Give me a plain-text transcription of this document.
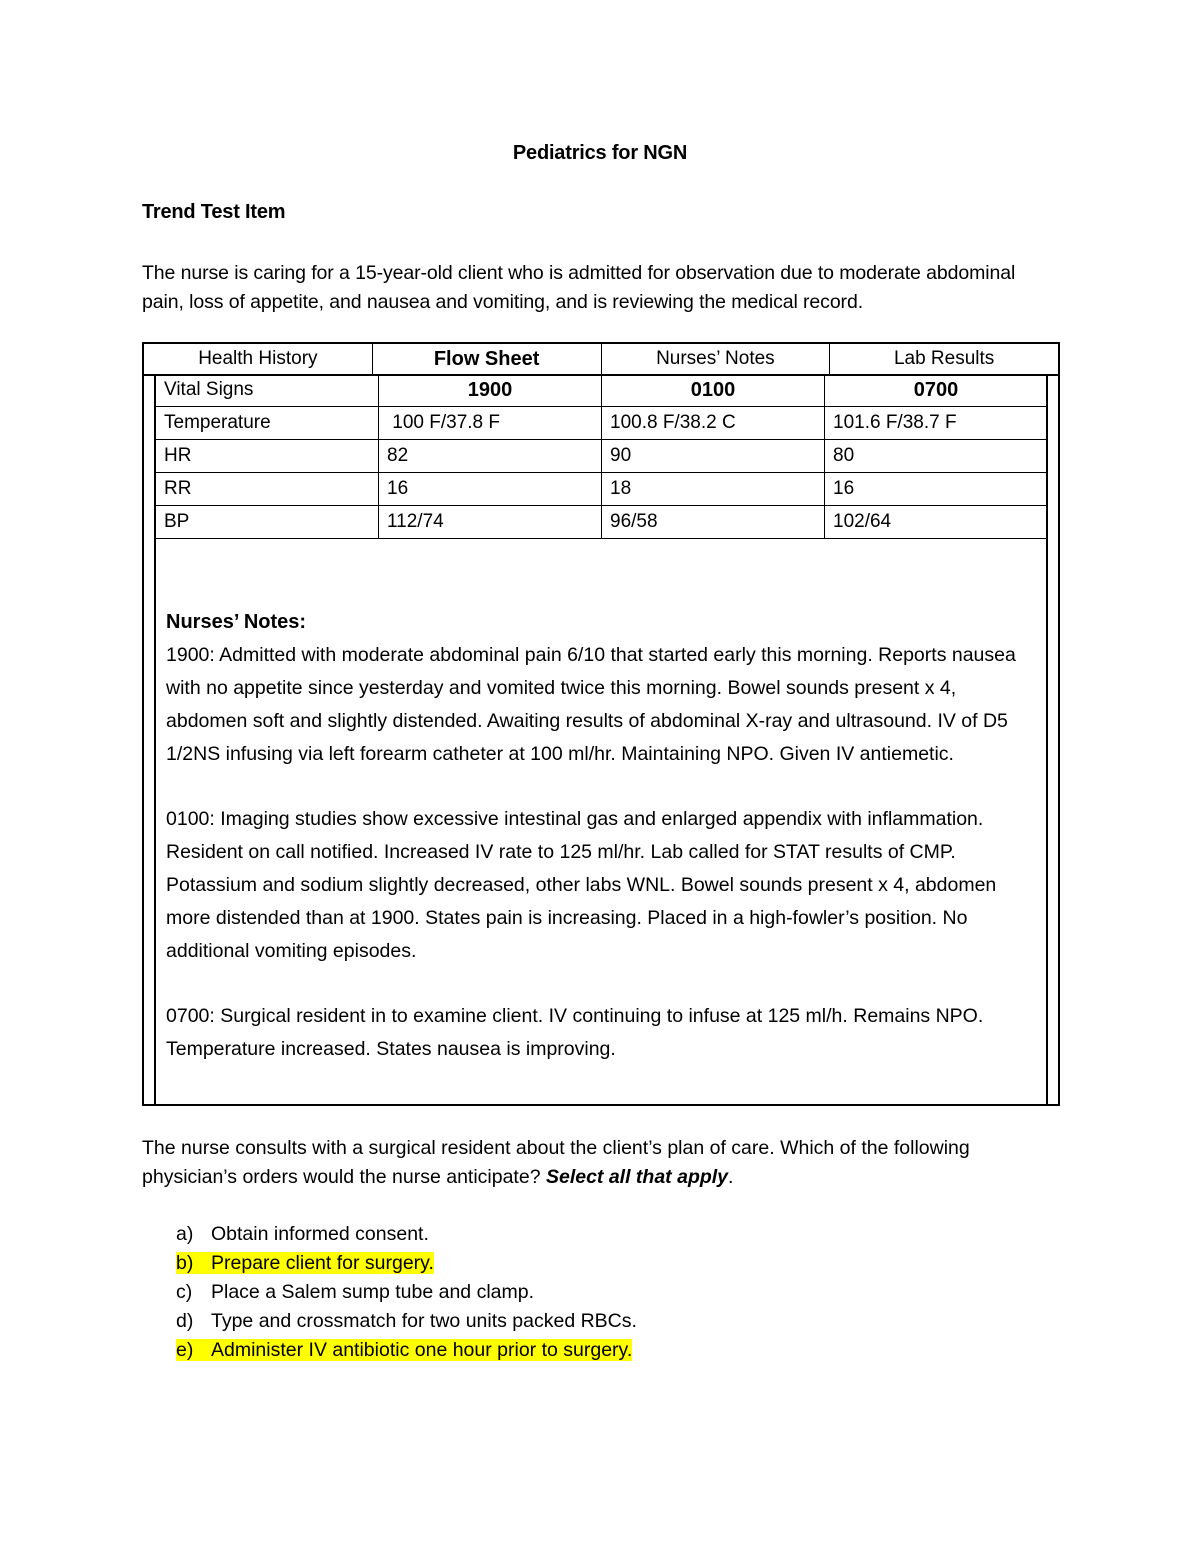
Pediatrics for NGN
Trend Test Item
The nurse is caring for a 15-year-old client who is admitted for observation due to moderate abdominal pain, loss of appetite, and nausea and vomiting, and is reviewing the medical record.
Health History	Flow Sheet	Nurses’ Notes	Lab Results
Vital Signs	1900	0100	0700
Temperature	100 F/37.8 F	100.8 F/38.2 C	101.6 F/38.7 F
HR	82	90	80
RR	16	18	16
BP	112/74	96/58	102/64
Nurses’ Notes:

1900: Admitted with moderate abdominal pain 6/10 that started early this morning. Reports nausea with no appetite since yesterday and vomited twice this morning. Bowel sounds present x 4, abdomen soft and slightly distended. Awaiting results of abdominal X-ray and ultrasound. IV of D5 1/2NS infusing via left forearm catheter at 100 ml/hr. Maintaining NPO. Given IV antiemetic.

0100: Imaging studies show excessive intestinal gas and enlarged appendix with inflammation. Resident on call notified. Increased IV rate to 125 ml/hr. Lab called for STAT results of CMP. Potassium and sodium slightly decreased, other labs WNL. Bowel sounds present x 4, abdomen more distended than at 1900. States pain is increasing. Placed in a high-fowler’s position. No additional vomiting episodes.

0700: Surgical resident in to examine client. IV continuing to infuse at 125 ml/h. Remains NPO. Temperature increased. States nausea is improving.

The nurse consults with a surgical resident about the client’s plan of care. Which of the following physician’s orders would the nurse anticipate? Select all that apply.
a) Obtain informed consent.
b) Prepare client for surgery.
c) Place a Salem sump tube and clamp.
d) Type and crossmatch for two units packed RBCs.
e) Administer IV antibiotic one hour prior to surgery.
